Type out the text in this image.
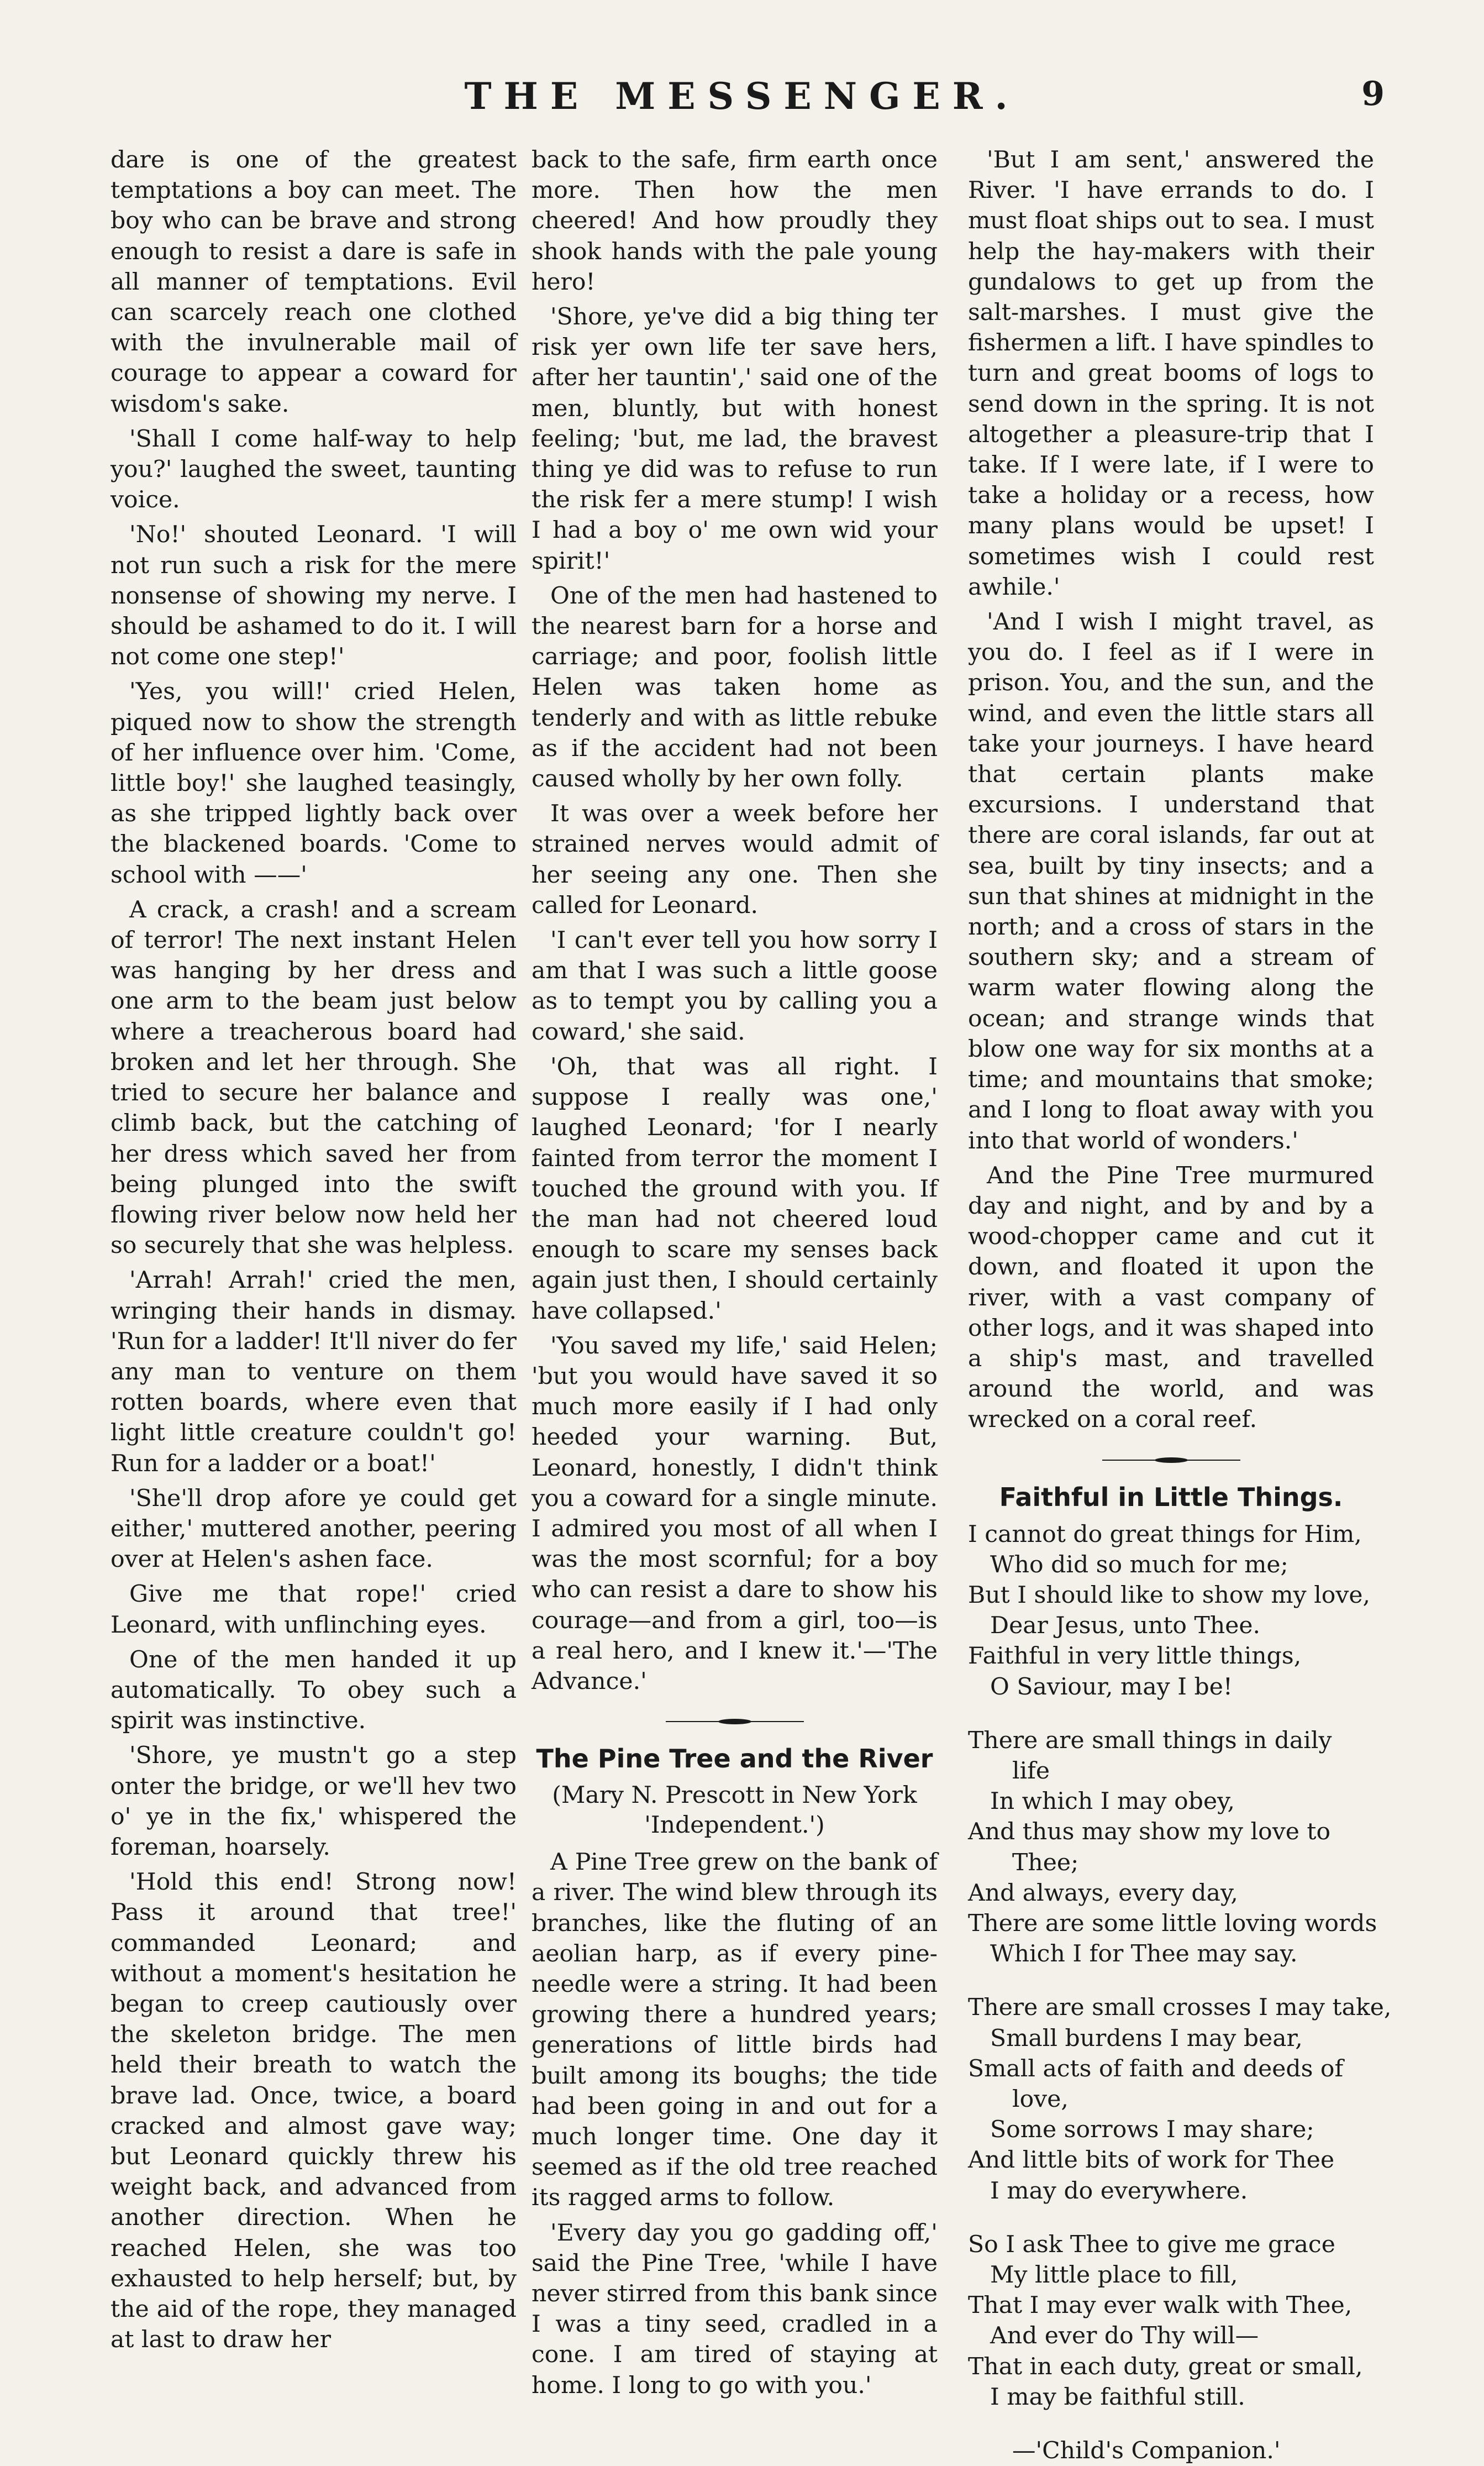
THE MESSENGER.	9

dare is one of the greatest temptations a boy can meet. The boy who can be brave and strong enough to resist a dare is safe in all manner of temptations. Evil can scarcely reach one clothed with the invulnerable mail of courage to appear a coward for wisdom's sake.

'Shall I come half-way to help you?' laughed the sweet, taunting voice.

'No!' shouted Leonard. 'I will not run such a risk for the mere nonsense of showing my nerve. I should be ashamed to do it. I will not come one step!'

'Yes, you will!' cried Helen, piqued now to show the strength of her influence over him. 'Come, little boy!' she laughed teasingly, as she tripped lightly back over the blackened boards. 'Come to school with ——'

A crack, a crash! and a scream of terror! The next instant Helen was hanging by her dress and one arm to the beam just below where a treacherous board had broken and let her through. She tried to secure her balance and climb back, but the catching of her dress which saved her from being plunged into the swift flowing river below now held her so securely that she was helpless.

'Arrah! Arrah!' cried the men, wringing their hands in dismay. 'Run for a ladder! It'll niver do fer any man to venture on them rotten boards, where even that light little creature couldn't go! Run for a ladder or a boat!'

'She'll drop afore ye could get either,' muttered another, peering over at Helen's ashen face.

Give me that rope!' cried Leonard, with unflinching eyes.

One of the men handed it up automatically. To obey such a spirit was instinctive.

'Shore, ye mustn't go a step onter the bridge, or we'll hev two o' ye in the fix,' whispered the foreman, hoarsely.

'Hold this end! Strong now! Pass it around that tree!' commanded Leonard; and without a moment's hesitation he began to creep cautiously over the skeleton bridge. The men held their breath to watch the brave lad. Once, twice, a board cracked and almost gave way; but Leonard quickly threw his weight back, and advanced from another direction. When he reached Helen, she was too exhausted to help herself; but, by the aid of the rope, they managed at last to draw her

back to the safe, firm earth once more. Then how the men cheered! And how proudly they shook hands with the pale young hero!

'Shore, ye've did a big thing ter risk yer own life ter save hers, after her tauntin',' said one of the men, bluntly, but with honest feeling; 'but, me lad, the bravest thing ye did was to refuse to run the risk fer a mere stump! I wish I had a boy o' me own wid your spirit!'

One of the men had hastened to the nearest barn for a horse and carriage; and poor, foolish little Helen was taken home as tenderly and with as little rebuke as if the accident had not been caused wholly by her own folly.

It was over a week before her strained nerves would admit of her seeing any one. Then she called for Leonard.

'I can't ever tell you how sorry I am that I was such a little goose as to tempt you by calling you a coward,' she said.

'Oh, that was all right. I suppose I really was one,' laughed Leonard; 'for I nearly fainted from terror the moment I touched the ground with you. If the man had not cheered loud enough to scare my senses back again just then, I should certainly have collapsed.'

'You saved my life,' said Helen; 'but you would have saved it so much more easily if I had only heeded your warning. But, Leonard, honestly, I didn't think you a coward for a single minute. I admired you most of all when I was the most scornful; for a boy who can resist a dare to show his courage—and from a girl, too—is a real hero, and I knew it.'—'The Advance.'

The Pine Tree and the River
(Mary N. Prescott in New York 'Independent.')

A Pine Tree grew on the bank of a river. The wind blew through its branches, like the fluting of an aeolian harp, as if every pine-needle were a string. It had been growing there a hundred years; generations of little birds had built among its boughs; the tide had been going in and out for a much longer time. One day it seemed as if the old tree reached its ragged arms to follow.

'Every day you go gadding off,' said the Pine Tree, 'while I have never stirred from this bank since I was a tiny seed, cradled in a cone. I am tired of staying at home. I long to go with you.'

'But I am sent,' answered the River. 'I have errands to do. I must float ships out to sea. I must help the hay-makers with their gundalows to get up from the salt-marshes. I must give the fishermen a lift. I have spindles to turn and great booms of logs to send down in the spring. It is not altogether a pleasure-trip that I take. If I were late, if I were to take a holiday or a recess, how many plans would be upset! I sometimes wish I could rest awhile.'

'And I wish I might travel, as you do. I feel as if I were in prison. You, and the sun, and the wind, and even the little stars all take your journeys. I have heard that certain plants make excursions. I understand that there are coral islands, far out at sea, built by tiny insects; and a sun that shines at midnight in the north; and a cross of stars in the southern sky; and a stream of warm water flowing along the ocean; and strange winds that blow one way for six months at a time; and mountains that smoke; and I long to float away with you into that world of wonders.'

And the Pine Tree murmured day and night, and by and by a wood-chopper came and cut it down, and floated it upon the river, with a vast company of other logs, and it was shaped into a ship's mast, and travelled around the world, and was wrecked on a coral reef.

Faithful in Little Things.
I cannot do great things for Him,
Who did so much for me;
But I should like to show my love,
Dear Jesus, unto Thee.
Faithful in very little things,
O Saviour, may I be!
There are small things in daily
life
In which I may obey,
And thus may show my love to
Thee;
And always, every day,
There are some little loving words
Which I for Thee may say.
There are small crosses I may take,
Small burdens I may bear,
Small acts of faith and deeds of
love,
Some sorrows I may share;
And little bits of work for Thee
I may do everywhere.
So I ask Thee to give me grace
My little place to fill,
That I may ever walk with Thee,
And ever do Thy will—
That in each duty, great or small,
I may be faithful still.
—'Child's Companion.'
